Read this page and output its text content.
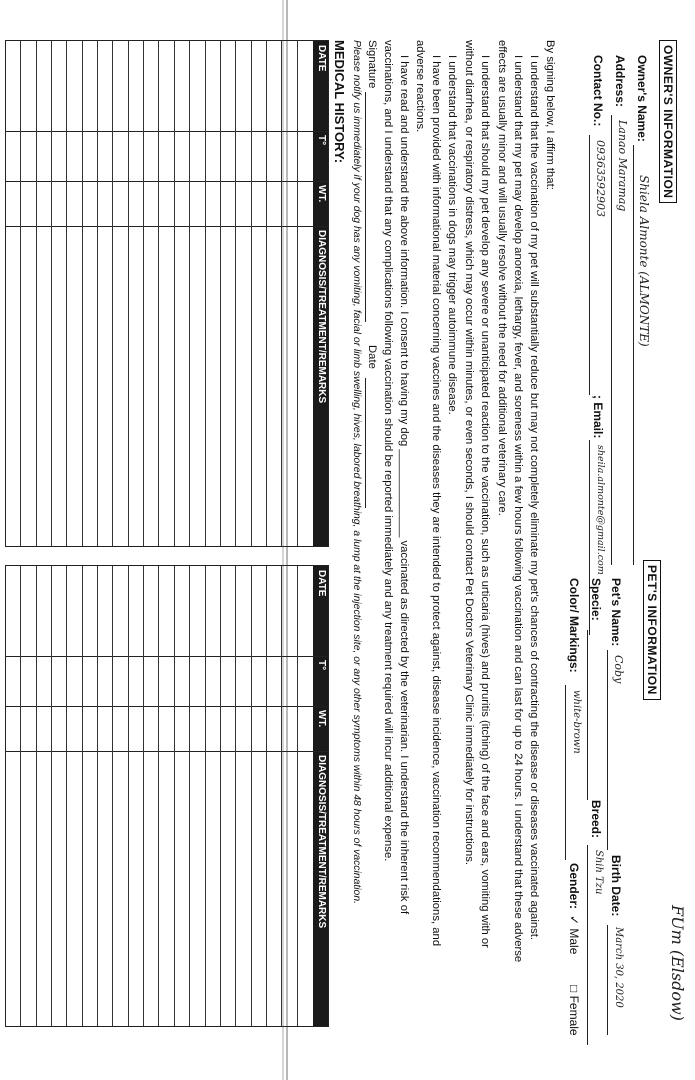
OWNER'S INFORMATION
Owner's Name:
Shiela Almonte (ALMONTE)
Address:
Lanao Maramag
Contact No.:
09363592903
; Email:
sheila.almonte@gmail.com
PET'S INFORMATION
Pet's Name:
Coby
Birth Date:
March 30, 2020
Specie:
Breed:
Shih Tzu
Color/ Markings:
white-brown
Gender:
✓ Male
□ Female	FUm (Elsdow)
By signing below, I affirm that:
I understand that the vaccination of my pet will substantially reduce but may not completely eliminate my pet's chances of contracting the disease or diseases vaccinated against.
I understand that my pet may develop anorexia, lethargy, fever, and soreness within a few hours following vaccination and can last for up to 24 hours. I understand that these adverse
effects are usually minor and will usually resolve without the need for additional veterinary care.
I understand that should my pet develop any severe or unanticipated reaction to the vaccination, such as urticaria (hives) and pruritis (itching) of the face and ears, vomiting with or
without diarrhea, or respiratory distress, which may occur within minutes, or even seconds, I should contact Pet Doctors Veterinary Clinic immediately for instructions.
I understand that vaccinations in dogs may trigger autoimmune disease.
I have been provided with informational material concerning vaccines and the diseases they are intended to protect against, disease incidence, vaccination recommendations, and
adverse reactions.
I have read and understand the above information. I consent to having my dog ______________ vaccinated as directed by the veterinarian. I understand the inherent risk of
vaccinations, and I understand that any complications following vaccination should be reported immediately and any treatment required will incur additional expense.
Signature
Date
Please notify us immediately if your dog has any vomiting, facial or limb swelling, hives, labored breathing, a lump at the injection site, or any other symptoms within 48 hours of vaccination.
MEDICAL HISTORY:
DATE
T°
WT.
DIAGNOSIS/TREATMENT/REMARKS
DATE
T°
WT.
DIAGNOSIS/TREATMENT/REMARKS
